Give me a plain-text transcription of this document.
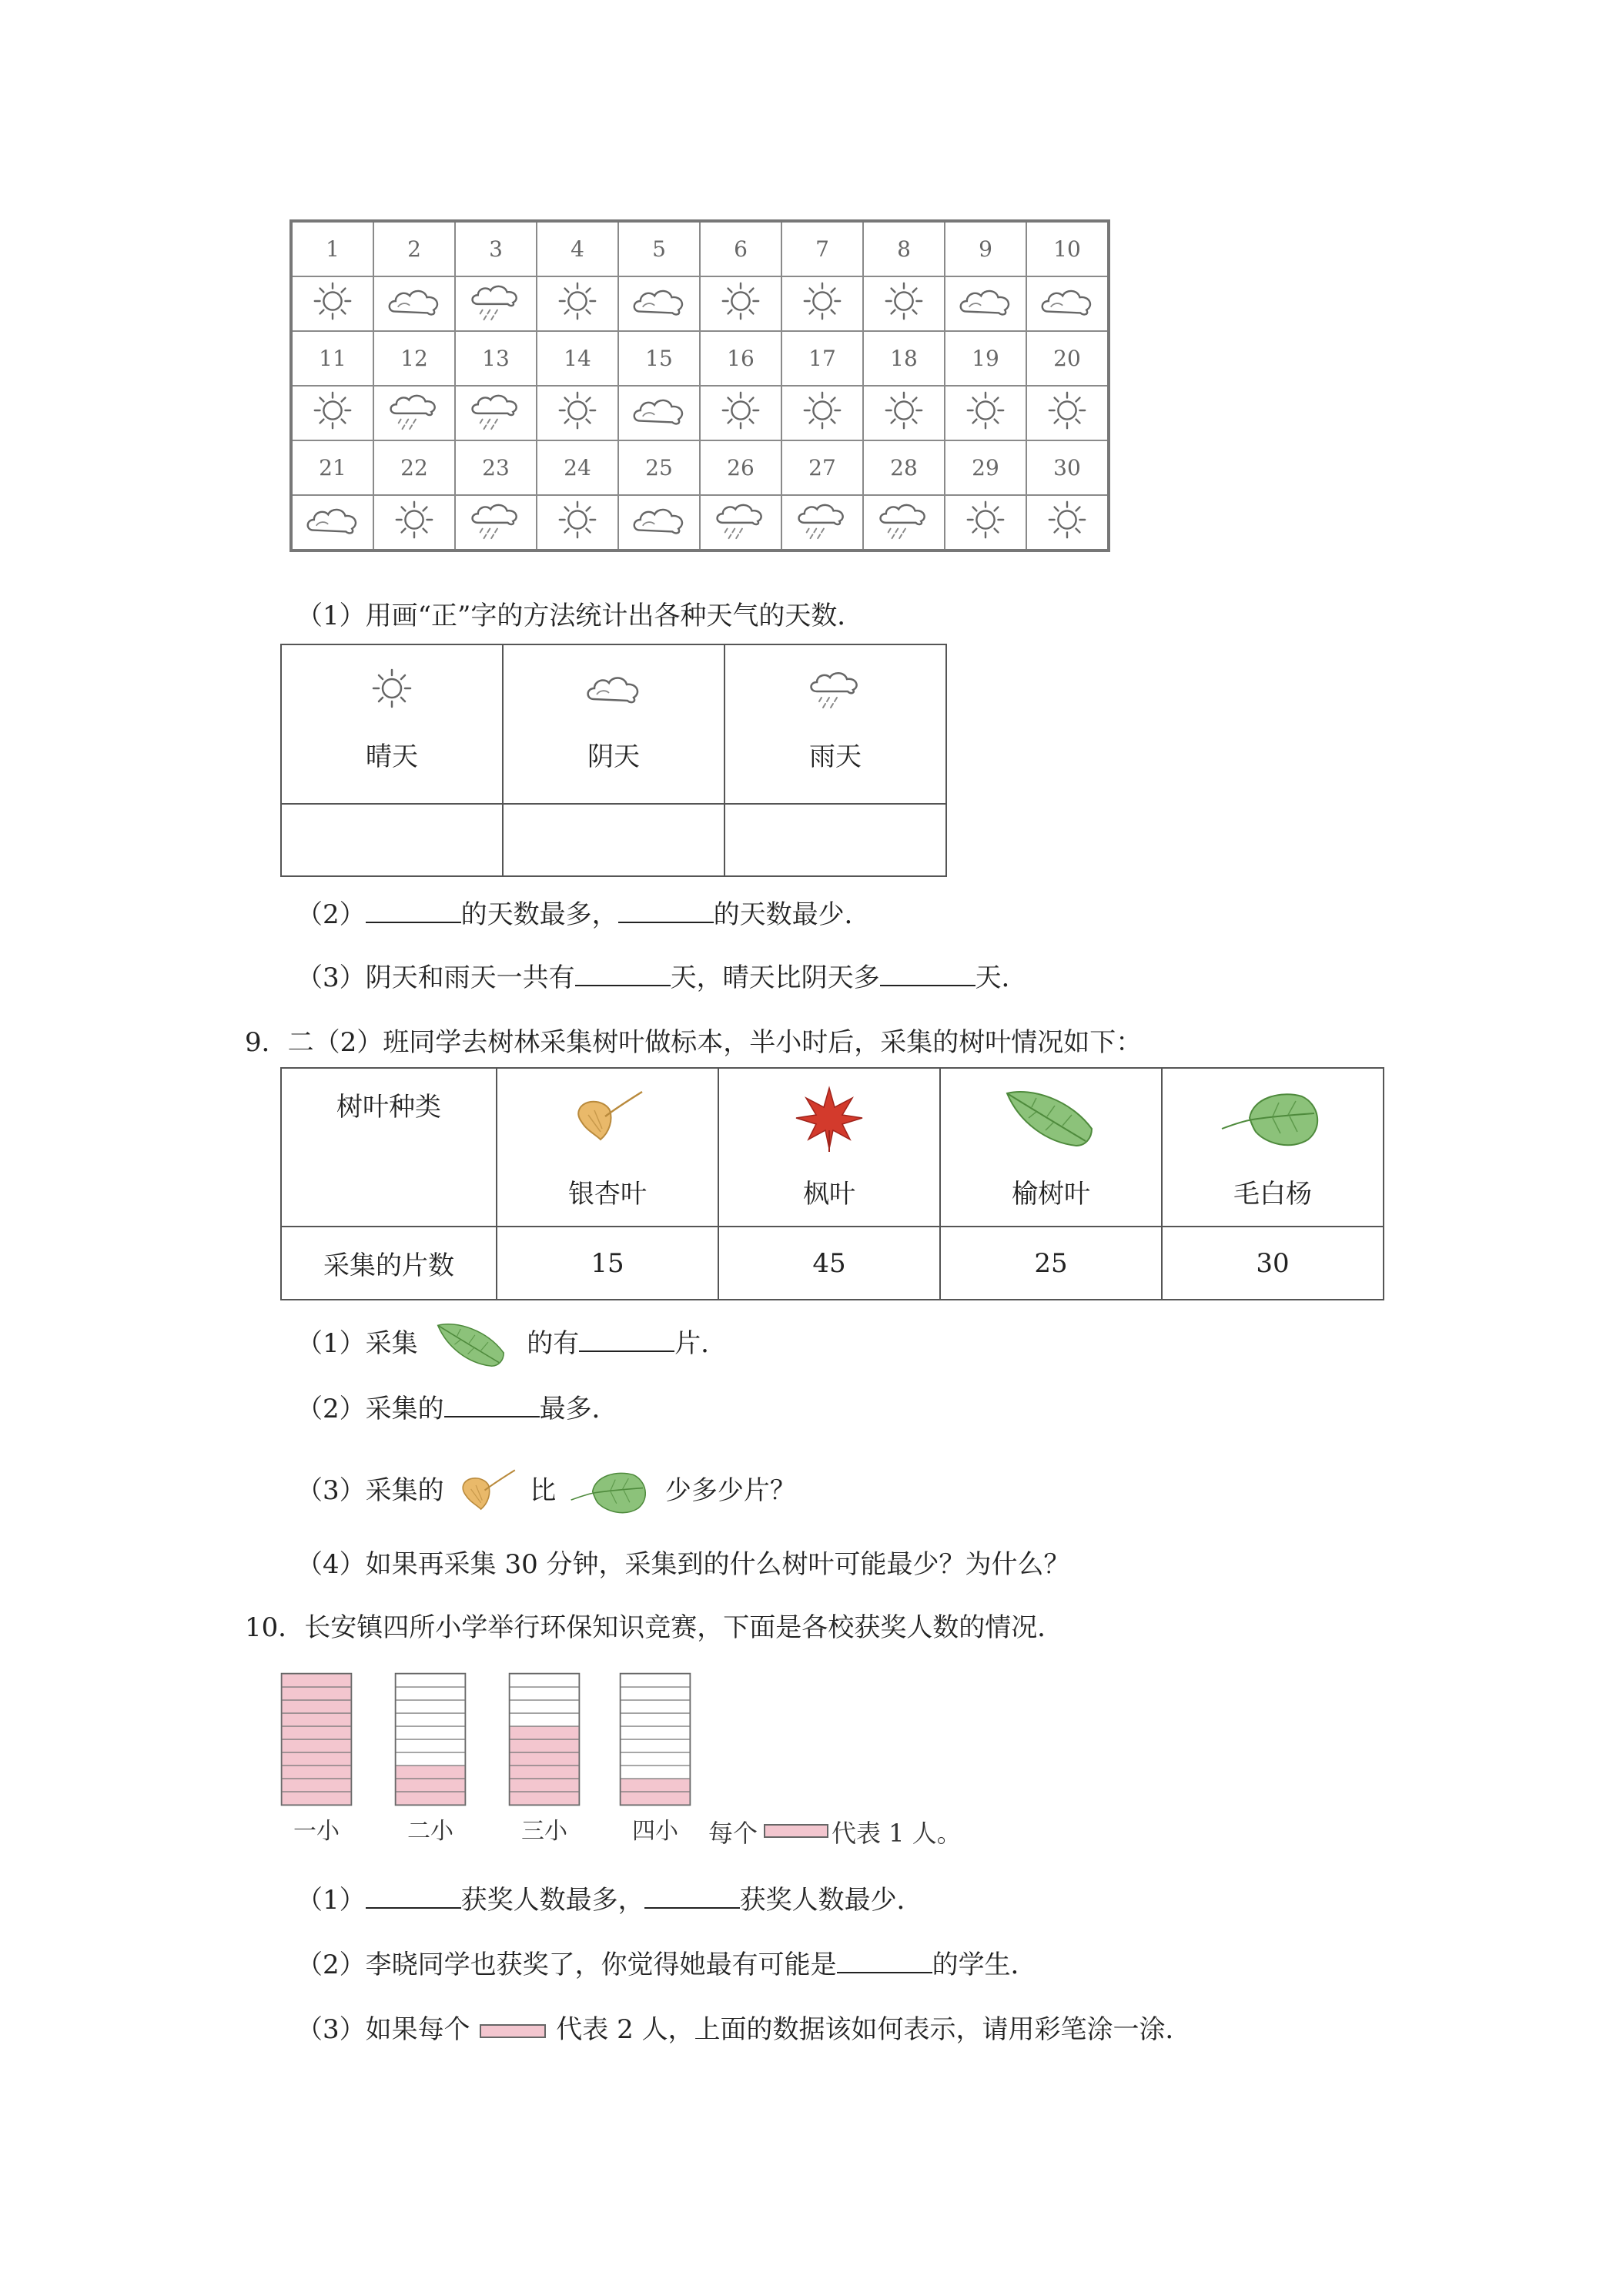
1	2	3	4	5	6	7	8	9	10

11	12	13	14	15	16	17	18	19	20

21	22	23	24	25	26	27	28	29	30

（1）用画“正”字的方法统计出各种天气的天数．
晴天	阴天	雨天

（2）	的天数最多，	的天数最少．
（3）阴天和雨天一共有	天，晴天比阴天多	天．
9．二（2）班同学去树林采集树叶做标本，半小时后，采集的树叶情况如下：
树叶种类	银杏叶	枫叶	榆树叶	毛白杨

采集的片数	15	45	25	30
（1）采集	的有	片．
（2）采集的	最多．
（3）采集的	比	少多少片？
（4）如果再采集 30 分钟，采集到的什么树叶可能最少？为什么？
10．长安镇四所小学举行环保知识竞赛，下面是各校获奖人数的情况．
一小	二小	三小	四小 每个	代表 1 人。
（1）	获奖人数最多，	获奖人数最少．
（2）李晓同学也获奖了，你觉得她最有可能是	的学生．
（3）如果每个	代表 2 人，上面的数据该如何表示，请用彩笔涂一涂．
